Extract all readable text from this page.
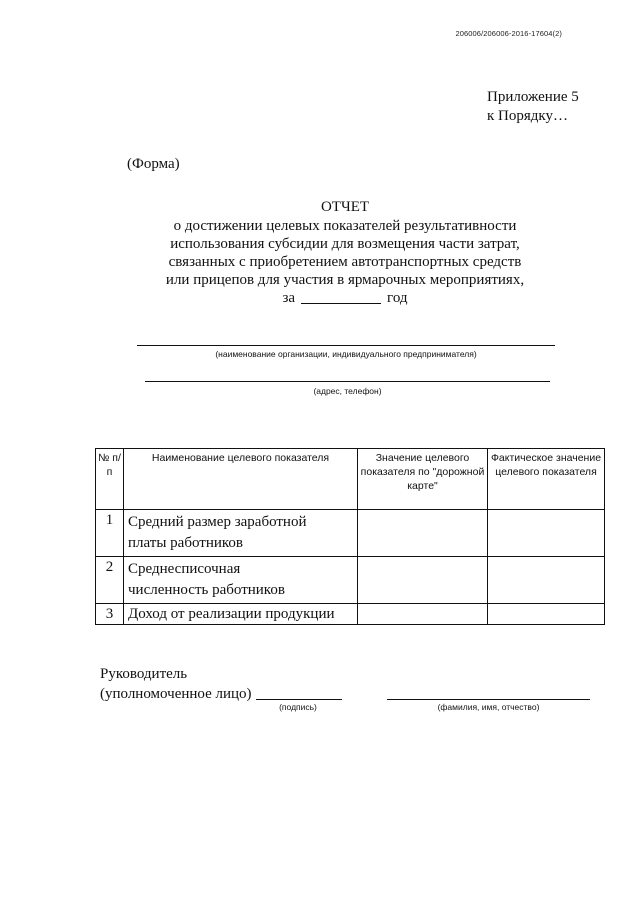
206006/206006-2016-17604(2)
Приложение 5
к Порядку…
(Форма)
ОТЧЕТ
о достижении целевых показателей результативности
использования субсидии для возмещения части затрат,
связанных с приобретением автотранспортных средств
или прицепов для участия в ярмарочных мероприятиях,
за	год
(наименование организации, индивидуального предпринимателя)
(адрес, телефон)
№ п/п	Наименование целевого показателя	Значение целевого показателя по "дорожной карте"	Фактическое значение целевого показателя
1	Средний размер заработной
платы работников		

2	Среднесписочная
численность работников		

3	Доход от реализации продукции		

Руководитель
(уполномоченное лицо)
(подпись)	(фамилия, имя, отчество)
